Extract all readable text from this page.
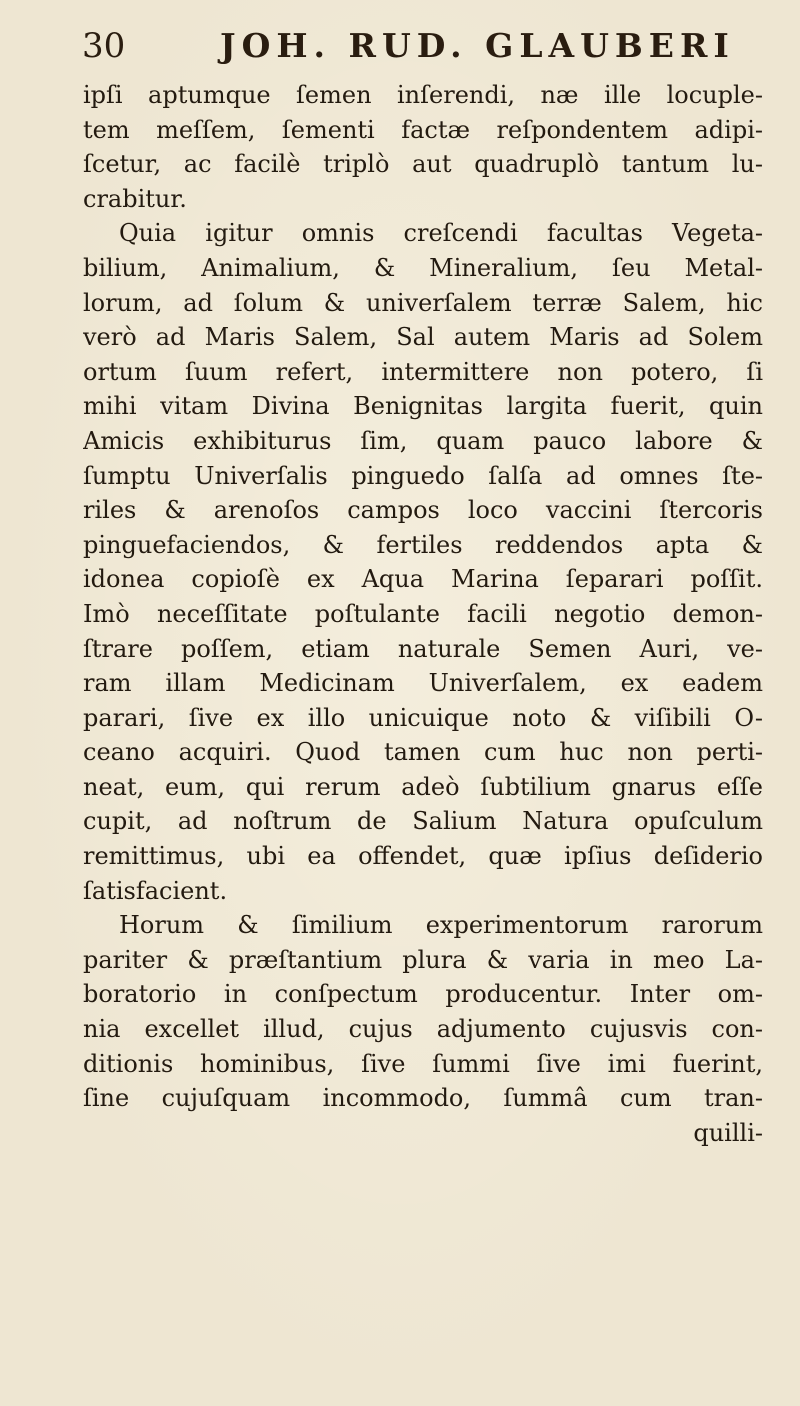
30	JOH. RUD. GLAUBERI
ipſi aptumque ſemen inſerendi, næ ille locuple-
tem meſſem, ſementi factæ reſpondentem adipi-
ſcetur, ac facilè triplò aut quadruplò tantum lu-
crabitur.
Quia igitur omnis creſcendi facultas Vegeta-
bilium, Animalium, & Mineralium, ſeu Metal-
lorum, ad ſolum & univerſalem terræ Salem, hic
verò ad Maris Salem, Sal autem Maris ad Solem
ortum ſuum refert, intermittere non potero, ſi
mihi vitam Divina Benignitas largita fuerit, quin
Amicis exhibiturus ſim, quam pauco labore &
ſumptu Univerſalis pinguedo ſalſa ad omnes ſte-
riles & arenoſos campos loco vaccini ſtercoris
pinguefaciendos, & fertiles reddendos apta &
idonea copioſè ex Aqua Marina ſeparari poſſit.
Imò neceſſitate poſtulante facili negotio demon-
ſtrare poſſem, etiam naturale Semen Auri, ve-
ram illam Medicinam Univerſalem, ex eadem
parari, ſive ex illo unicuique noto & viſibili O-
ceano acquiri. Quod tamen cum huc non perti-
neat, eum, qui rerum adeò ſubtilium gnarus eſſe
cupit, ad noſtrum de Salium Natura opuſculum
remittimus, ubi ea offendet, quæ ipſius deſiderio
ſatisfacient.
Horum & ſimilium experimentorum rarorum
pariter & præſtantium plura & varia in meo La-
boratorio in conſpectum producentur. Inter om-
nia excellet illud, cujus adjumento cujusvis con-
ditionis hominibus, ſive ſummi ſive imi fuerint,
ſine cujuſquam incommodo, ſummâ cum tran-
quilli-
